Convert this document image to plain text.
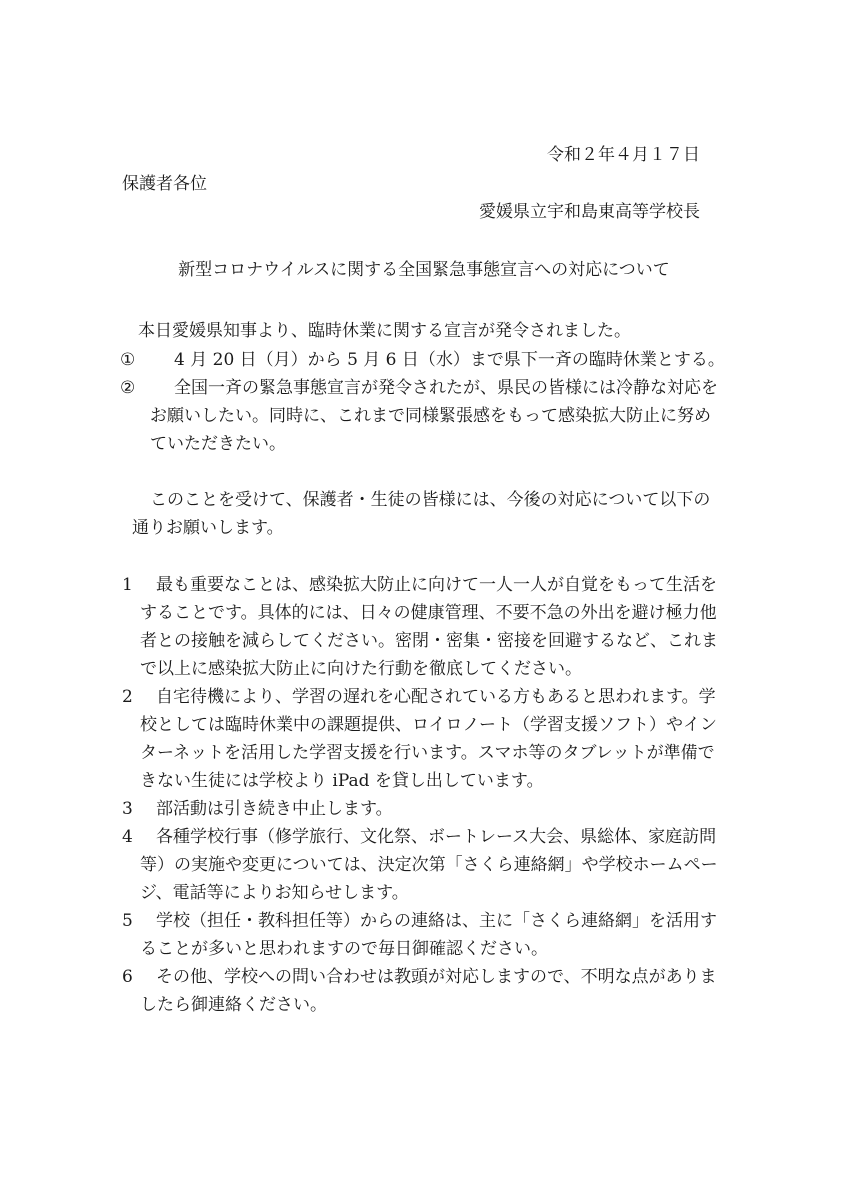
令和２年４月１７日
保護者各位
愛媛県立宇和島東高等学校長
新型コロナウイルスに関する全国緊急事態宣言への対応について
本日愛媛県知事より、臨時休業に関する宣言が発令されました。
① 4 月 20 日（月）から 5 月 6 日（水）まで県下一斉の臨時休業とする。
② 全国一斉の緊急事態宣言が発令されたが、県民の皆様には冷静な対応を
お願いしたい。同時に、これまで同様緊張感をもって感染拡大防止に努め
ていただきたい。
このことを受けて、保護者・生徒の皆様には、今後の対応について以下の
通りお願いします。
1 最も重要なことは、感染拡大防止に向けて一人一人が自覚をもって生活を
することです。具体的には、日々の健康管理、不要不急の外出を避け極力他
者との接触を減らしてください。密閉・密集・密接を回避するなど、これま
で以上に感染拡大防止に向けた行動を徹底してください。
2 自宅待機により、学習の遅れを心配されている方もあると思われます。学
校としては臨時休業中の課題提供、ロイロノート（学習支援ソフト）やイン
ターネットを活用した学習支援を行います。スマホ等のタブレットが準備で
きない生徒には学校より iPad を貸し出しています。
3 部活動は引き続き中止します。
4 各種学校行事（修学旅行、文化祭、ボートレース大会、県総体、家庭訪問
等）の実施や変更については、決定次第「さくら連絡網」や学校ホームペー
ジ、電話等によりお知らせします。
5 学校（担任・教科担任等）からの連絡は、主に「さくら連絡網」を活用す
ることが多いと思われますので毎日御確認ください。
6 その他、学校への問い合わせは教頭が対応しますので、不明な点がありま
したら御連絡ください。
